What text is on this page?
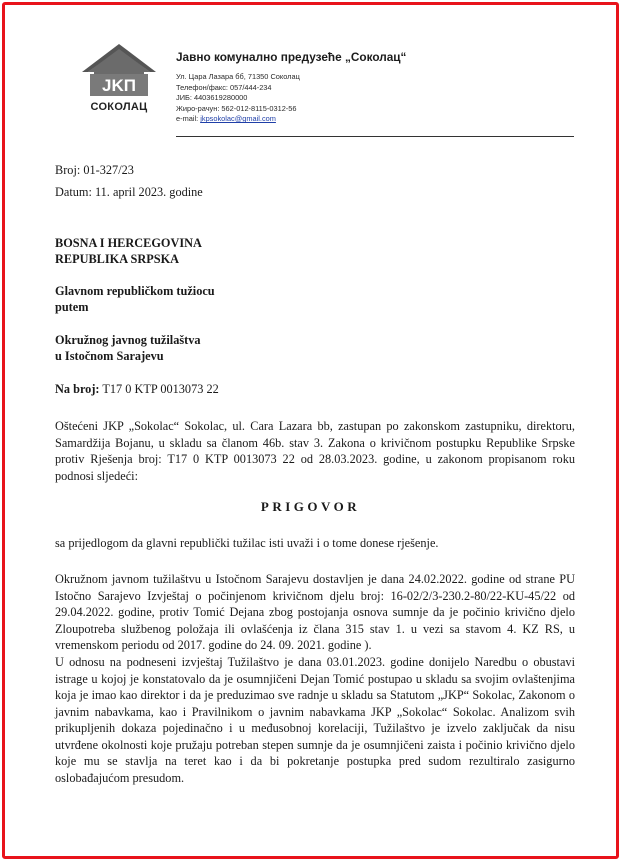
JKП
СОКОЛАЦ
Јавно комунално предузеће „Соколац“
Ул. Цара Лазара бб, 71350 Соколац
Телефон/факс: 057/444-234
ЈИБ: 4403619280000
Жиро-рачун: 562-012-8115-0312-56
e-mail: jkpsokolac@gmail.com
Broj: 01-327/23
Datum: 11. april 2023. godine
BOSNA I HERCEGOVINA
REPUBLIKA SRPSKA
Glavnom republičkom tužiocu
putem
Okružnog javnog tužilaštva
u Istočnom Sarajevu
Na broj: T17 0 KTP 0013073 22
Oštećeni JKP „Sokolac“ Sokolac, ul. Cara Lazara bb, zastupan po zakonskom zastupniku, direktoru, Samardžija Bojanu, u skladu sa članom 46b. stav 3. Zakona o krivičnom postupku Republike Srpske protiv Rješenja broj: T17 0 KTP 0013073 22 od 28.03.2023. godine, u zakonom propisanom roku podnosi sljedeći:
PRIGOVOR
sa prijedlogom da glavni republički tužilac isti uvaži i o tome donese rješenje.
Okružnom javnom tužilaštvu u Istočnom Sarajevu dostavljen je dana 24.02.2022. godine od strane PU Istočno Sarajevo Izvještaj o počinjenom krivičnom djelu broj: 16-02/2/3-230.2-80/22-KU-45/22 od 29.04.2022. godine, protiv Tomić Dejana zbog postojanja osnova sumnje da je počinio krivično djelo Zloupotreba službenog položaja ili ovlašćenja iz člana 315 stav 1. u vezi sa stavom 4. KZ RS, u vremenskom periodu od 2017. godine do 24. 09. 2021. godine ).
U odnosu na podneseni izvještaj Tužilaštvo je dana 03.01.2023. godine donijelo Naredbu o obustavi istrage u kojoj je konstatovalo da je osumnjičeni Dejan Tomić postupao u skladu sa svojim ovlaštenjima koja je imao kao direktor i da je preduzimao sve radnje u skladu sa Statutom „JKP“ Sokolac, Zakonom o javnim nabavkama, kao i Pravilnikom o javnim nabavkama JKP „Sokolac“ Sokolac. Analizom svih prikupljenih dokaza pojedinačno i u međusobnoj korelaciji, Tužilaštvo je izvelo zaključak da nisu utvrđene okolnosti koje pružaju potreban stepen sumnje da je osumnjičeni zaista i počinio krivično djelo koje mu se stavlja na teret kao i da bi pokretanje postupka pred sudom rezultiralo zasigurno oslobađajućom presudom.
